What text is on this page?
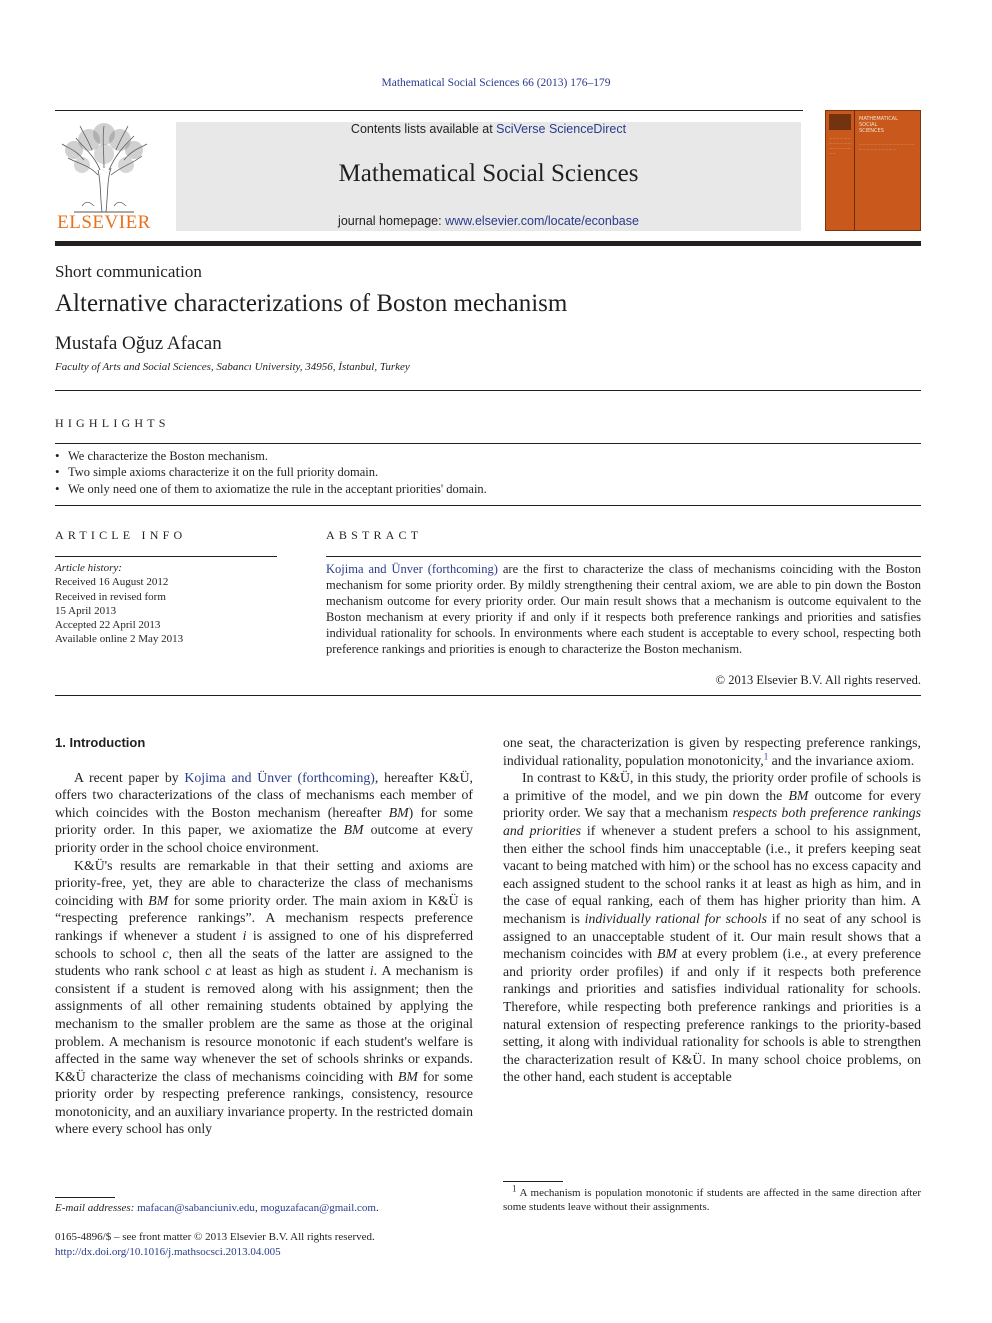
Mathematical Social Sciences 66 (2013) 176–179
ELSEVIER
Contents lists available at SciVerse ScienceDirect
Mathematical Social Sciences
journal homepage: www.elsevier.com/locate/econbase
— — — — — — — — — — — — — — — — — — — —
MATHEMATICAL
SOCIAL
SCIENCES
— — — — — — — — — — — — — — — — — — — — — — — — —
Short communication
Alternative characterizations of Boston mechanism
Mustafa Oğuz Afacan
Faculty of Arts and Social Sciences, Sabancı University, 34956, İstanbul, Turkey
HIGHLIGHTS
• We characterize the Boston mechanism.
• Two simple axioms characterize it on the full priority domain.
• We only need one of them to axiomatize the rule in the acceptant priorities' domain.
ARTICLE INFO
Article history:
Received 16 August 2012
Received in revised form
15 April 2013
Accepted 22 April 2013
Available online 2 May 2013
ABSTRACT

Kojima and Ünver (forthcoming) are the first to characterize the class of mechanisms coinciding with the Boston mechanism for some priority order. By mildly strengthening their central axiom, we are able to pin down the Boston mechanism outcome for every priority order. Our main result shows that a mechanism is outcome equivalent to the Boston mechanism at every priority if and only if it respects both preference rankings and priorities and satisfies individual rationality for schools. In environments where each student is acceptable to every school, respecting both preference rankings and priorities is enough to characterize the Boston mechanism.

© 2013 Elsevier B.V. All rights reserved.
1. Introduction

A recent paper by Kojima and Ünver (forthcoming), hereafter K&Ü, offers two characterizations of the class of mechanisms each member of which coincides with the Boston mechanism (hereafter BM) for some priority order. In this paper, we axiomatize the BM outcome at every priority order in the school choice environment.

K&Ü's results are remarkable in that their setting and axioms are priority-free, yet, they are able to characterize the class of mechanisms coinciding with BM for some priority order. The main axiom in K&Ü is “respecting preference rankings”. A mechanism respects preference rankings if whenever a student i is assigned to one of his dispreferred schools to school c, then all the seats of the latter are assigned to the students who rank school c at least as high as student i. A mechanism is consistent if a student is removed along with his assignment; then the assignments of all other remaining students obtained by applying the mechanism to the smaller problem are the same as those at the original problem. A mechanism is resource monotonic if each student's welfare is affected in the same way whenever the set of schools shrinks or expands. K&Ü characterize the class of mechanisms coinciding with BM for some priority order by respecting preference rankings, consistency, resource monotonicity, and an auxiliary invariance property. In the restricted domain where every school has only

one seat, the characterization is given by respecting preference rankings, individual rationality, population monotonicity,$^1$ and the invariance axiom.

In contrast to K&Ü, in this study, the priority order profile of schools is a primitive of the model, and we pin down the BM outcome for every priority order. We say that a mechanism respects both preference rankings and priorities if whenever a student prefers a school to his assignment, then either the school finds him unacceptable (i.e., it prefers keeping seat vacant to being matched with him) or the school has no excess capacity and each assigned student to the school ranks it at least as high as him, and in the case of equal ranking, each of them has higher priority than him. A mechanism is individually rational for schools if no seat of any school is assigned to an unacceptable student of it. Our main result shows that a mechanism coincides with BM at every problem (i.e., at every preference and priority order profiles) if and only if it respects both preference rankings and priorities and satisfies individual rationality for schools. Therefore, while respecting both preference rankings and priorities is a natural extension of respecting preference rankings to the priority-based setting, it along with individual rationality for schools is able to strengthen the characterization result of K&Ü. In many school choice problems, on the other hand, each student is acceptable

E-mail addresses: mafacan@sabanciuniv.edu, moguzafacan@gmail.com.

$^1$ A mechanism is population monotonic if students are affected in the same direction after some students leave without their assignments.

0165-4896/$ – see front matter © 2013 Elsevier B.V. All rights reserved.
http://dx.doi.org/10.1016/j.mathsocsci.2013.04.005
